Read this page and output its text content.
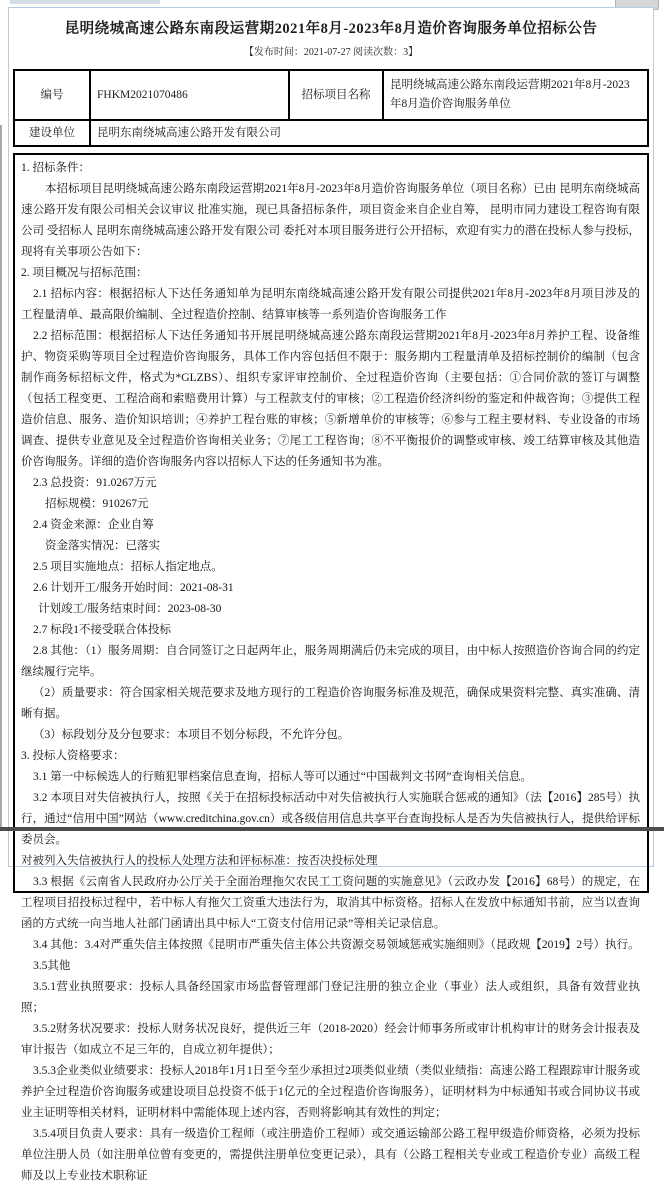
昆明绕城高速公路东南段运营期2021年8月-2023年8月造价咨询服务单位招标公告
【发布时间：2021-07-27 阅读次数：3】
编号	FHKM2021070486	招标项目名称	昆明绕城高速公路东南段运营期2021年8月-2023年8月造价咨询服务单位
建设单位	昆明东南绕城高速公路开发有限公司		

1. 招标条件：

本招标项目昆明绕城高速公路东南段运营期2021年8月-2023年8月造价咨询服务单位（项目名称）已由 昆明东南绕城高速公路开发有限公司相关会议审议 批准实施，现已具备招标条件，项目资金来自企业自筹， 昆明市同力建设工程咨询有限公司 受招标人 昆明东南绕城高速公路开发有限公司 委托对本项目服务进行公开招标，欢迎有实力的潜在投标人参与投标，现将有关事项公告如下：

2. 项目概况与招标范围：

2.1 招标内容：根据招标人下达任务通知单为昆明东南绕城高速公路开发有限公司提供2021年8月-2023年8月项目涉及的工程量清单、最高限价编制、全过程造价控制、结算审核等一系列造价咨询服务工作

2.2 招标范围：根据招标人下达任务通知书开展昆明绕城高速公路东南段运营期2021年8月-2023年8月养护工程、设备维护、物资采购等项目全过程造价咨询服务，具体工作内容包括但不限于：服务期内工程量清单及招标控制价的编制（包含制作商务标招标文件，格式为*GLZBS）、组织专家评审控制价、全过程造价咨询（主要包括：①合同价款的签订与调整（包括工程变更、工程洽商和索赔费用计算）与工程款支付的审核；②工程造价经济纠纷的鉴定和仲裁咨询；③提供工程造价信息、服务、造价知识培训；④养护工程台账的审核；⑤新增单价的审核等；⑥参与工程主要材料、专业设备的市场调查、提供专业意见及全过程造价咨询相关业务；⑦尾工工程咨询；⑧不平衡报价的调整或审核、竣工结算审核及其他造价咨询服务。详细的造价咨询服务内容以招标人下达的任务通知书为准。

2.3 总投资：91.0267万元

招标规模：910267元

2.4 资金来源：企业自筹

资金落实情况：已落实

2.5 项目实施地点：招标人指定地点。

2.6 计划开工/服务开始时间：2021-08-31

计划竣工/服务结束时间：2023-08-30

2.7 标段1不接受联合体投标

2.8 其他：（1）服务周期：自合同签订之日起两年止，服务周期满后仍未完成的项目，由中标人按照造价咨询合同的约定继续履行完毕。

（2）质量要求：符合国家相关规范要求及地方现行的工程造价咨询服务标准及规范，确保成果资料完整、真实准确、清晰有据。

（3）标段划分及分包要求：本项目不划分标段，不允许分包。

3. 投标人资格要求：

3.1 第一中标候选人的行贿犯罪档案信息查询，招标人等可以通过“中国裁判文书网”查询相关信息。

3.2 本项目对失信被执行人，按照《关于在招标投标活动中对失信被执行人实施联合惩戒的通知》（法【2016】285号）执行，通过“信用中国”网站（www.creditchina.gov.cn）或各级信用信息共享平台查询投标人是否为失信被执行人，提供给评标委员会。

对被列入失信被执行人的投标人处理方法和评标标准：按否决投标处理

3.3 根据《云南省人民政府办公厅关于全面治理拖欠农民工工资问题的实施意见》（云政办发【2016】68号）的规定，在工程项目招投标过程中，若中标人有拖欠工资重大违法行为，取消其中标资格。招标人在发放中标通知书前，应当以查询函的方式统一向当地人社部门函请出具中标人“工资支付信用记录”等相关记录信息。

3.4 其他：3.4对严重失信主体按照《昆明市严重失信主体公共资源交易领域惩戒实施细则》（昆政规【2019】2号）执行。

3.5其他

3.5.1营业执照要求：投标人具备经国家市场监督管理部门登记注册的独立企业（事业）法人或组织，具备有效营业执照；

3.5.2财务状况要求：投标人财务状况良好，提供近三年（2018-2020）经会计师事务所或审计机构审计的财务会计报表及审计报告（如成立不足三年的，自成立初年提供）；

3.5.3企业类似业绩要求：投标人2018年1月1日至今至少承担过2项类似业绩（类似业绩指：高速公路工程跟踪审计服务或养护全过程造价咨询服务或建设项目总投资不低于1亿元的全过程造价咨询服务），证明材料为中标通知书或合同协议书或业主证明等相关材料，证明材料中需能体现上述内容，否则将影响其有效性的判定；

3.5.4项目负责人要求：具有一级造价工程师（或注册造价工程师）或交通运输部公路工程甲级造价师资格，必须为投标单位注册人员（如注册单位曾有变更的，需提供注册单位变更记录），具有（公路工程相关专业或工程造价专业）高级工程师及以上专业技术职称证
